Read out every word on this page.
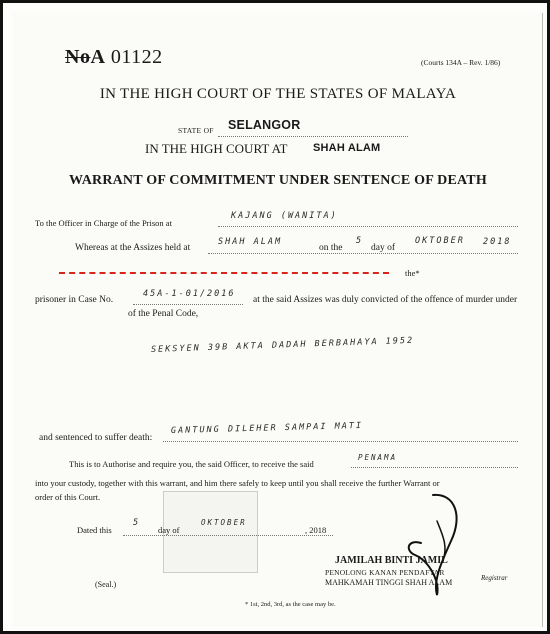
NoA 01122	(Courts 134A – Rev. 1/86)
IN THE HIGH COURT OF THE STATES OF MALAYA
STATE OF SELANGOR
IN THE HIGH COURT AT SHAH ALAM
WARRANT OF COMMITMENT UNDER SENTENCE OF DEATH
To the Officer in Charge of the Prison at
KAJANG (WANITA)
Whereas at the Assizes held at
SHAH ALAM
on the
5
day of
OKTOBER 2018
the*
prisoner in Case No.
45A-1-01/2016
at the said Assizes was duly convicted of the offence of murder under
of the Penal Code,
SEKSYEN 39B AKTA DADAH BERBAHAYA 1952
and sentenced to suffer death:
GANTUNG DILEHER SAMPAI MATI
This is to Authorise and require you, the said Officer, to receive the said
PENAMA
into your custody, together with this warrant, and him there safely to keep until you shall receive the further Warrant or
order of this Court.
Dated this
5
day of
OKTOBER
, 2018
JAMILAH BINTI JAMIL
PENOLONG KANAN PENDAFTAR
MAHKAMAH TINGGI SHAH ALAM	Registrar
(Seal.)
* 1st, 2nd, 3rd, as the case may be.
